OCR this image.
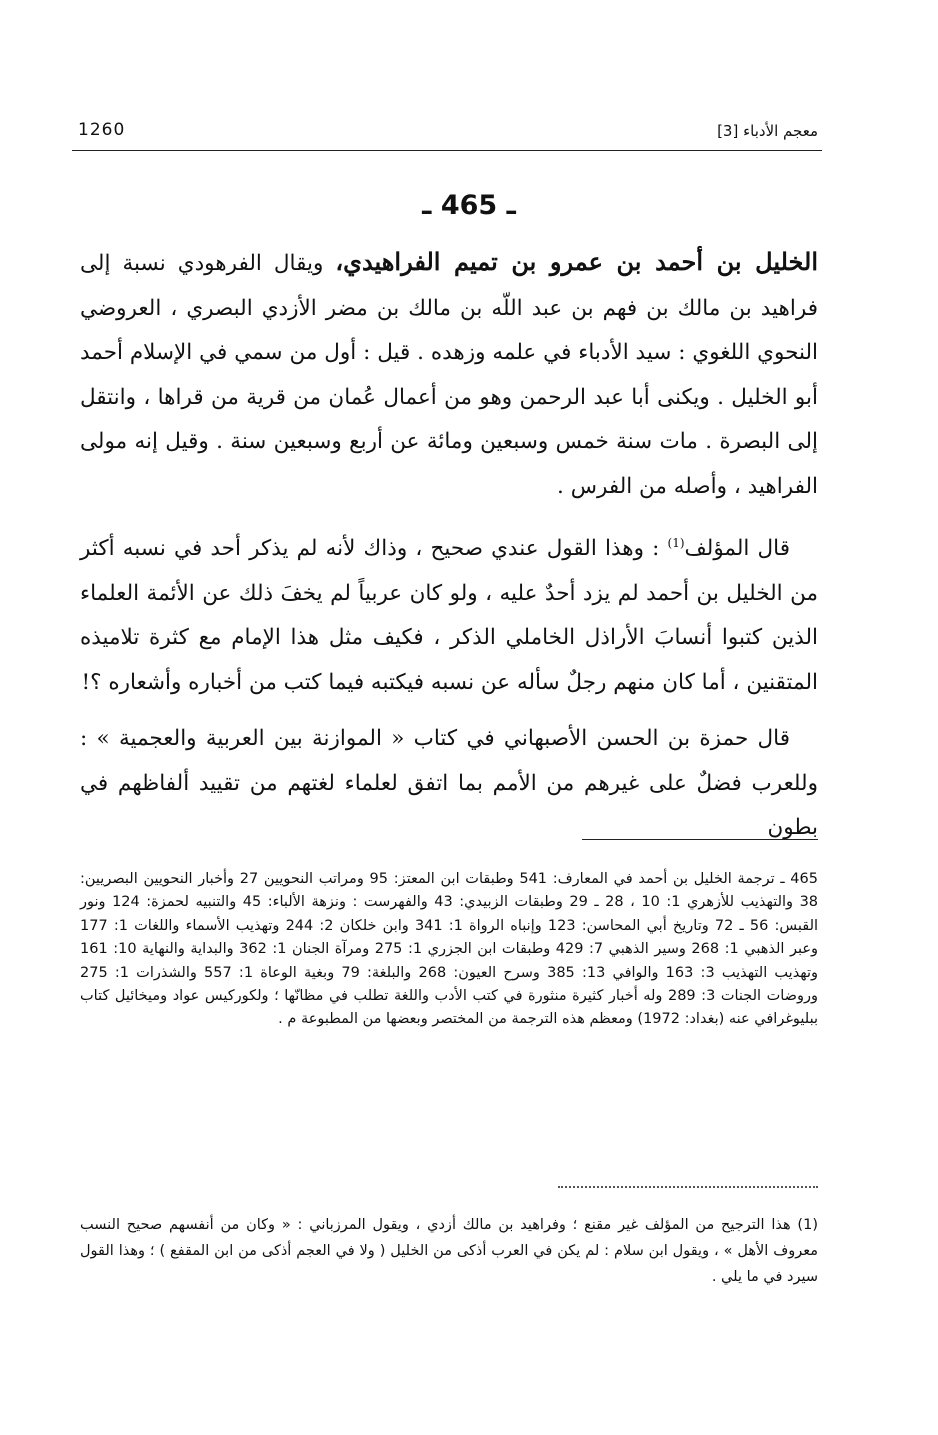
1260	معجم الأدباء [3]
ـ 465 ـ

الخليل بن أحمد بن عمرو بن تميم الفراهيدي، ويقال الفرهودي نسبة إلى فراهيد بن مالك بن فهم بن عبد اللّه بن مالك بن مضر الأزدي البصري ، العروضي النحوي اللغوي : سيد الأدباء في علمه وزهده . قيل : أول من سمي في الإسلام أحمد أبو الخليل . ويكنى أبا عبد الرحمن وهو من أعمال عُمان من قرية من قراها ، وانتقل إلى البصرة . مات سنة خمس وسبعين ومائة عن أربع وسبعين سنة . وقيل إنه مولى الفراهيد ، وأصله من الفرس .

قال المؤلف$^{(1)}$ : وهذا القول عندي صحيح ، وذاك لأنه لم يذكر أحد في نسبه أكثر من الخليل بن أحمد لم يزد أحدٌ عليه ، ولو كان عربياً لم يخفَ ذلك عن الأئمة العلماء الذين كتبوا أنسابَ الأراذل الخاملي الذكر ، فكيف مثل هذا الإمام مع كثرة تلاميذه المتقنين ، أما كان منهم رجلٌ سأله عن نسبه فيكتبه فيما كتب من أخباره وأشعاره ؟!

قال حمزة بن الحسن الأصبهاني في كتاب « الموازنة بين العربية والعجمية » : وللعرب فضلٌ على غيرهم من الأمم بما اتفق لعلماء لغتهم من تقييد ألفاظهم في بطون

465 ـ ترجمة الخليل بن أحمد في المعارف: 541 وطبقات ابن المعتز: 95 ومراتب النحويين 27 وأخبار النحويين البصريين: 38 والتهذيب للأزهري 1: 10 ، 28 ـ 29 وطبقات الزبيدي: 43 والفهرست : ونزهة الألباء: 45 والتنبيه لحمزة: 124 ونور القبس: 56 ـ 72 وتاريخ أبي المحاسن: 123 وإنباه الرواة 1: 341 وابن خلكان 2: 244 وتهذيب الأسماء واللغات 1: 177 وعبر الذهبي 1: 268 وسير الذهبي 7: 429 وطبقات ابن الجزري 1: 275 ومرآة الجنان 1: 362 والبداية والنهاية 10: 161 وتهذيب التهذيب 3: 163 والوافي 13: 385 وسرح العيون: 268 والبلغة: 79 وبغية الوعاة 1: 557 والشذرات 1: 275 وروضات الجنات 3: 289 وله أخبار كثيرة منثورة في كتب الأدب واللغة تطلب في مظانّها ؛ ولكوركيس عواد وميخائيل كتاب ببليوغرافي عنه (بغداد: 1972) ومعظم هذه الترجمة من المختصر وبعضها من المطبوعة م .
(1) هذا الترجيح من المؤلف غير مقنع ؛ وفراهيد بن مالك أزدي ، ويقول المرزباني : « وكان من أنفسهم صحيح النسب معروف الأهل » ، ويقول ابن سلام : لم يكن في العرب أذكى من الخليل ( ولا في العجم أذكى من ابن المقفع ) ؛ وهذا القول سيرد في ما يلي .
